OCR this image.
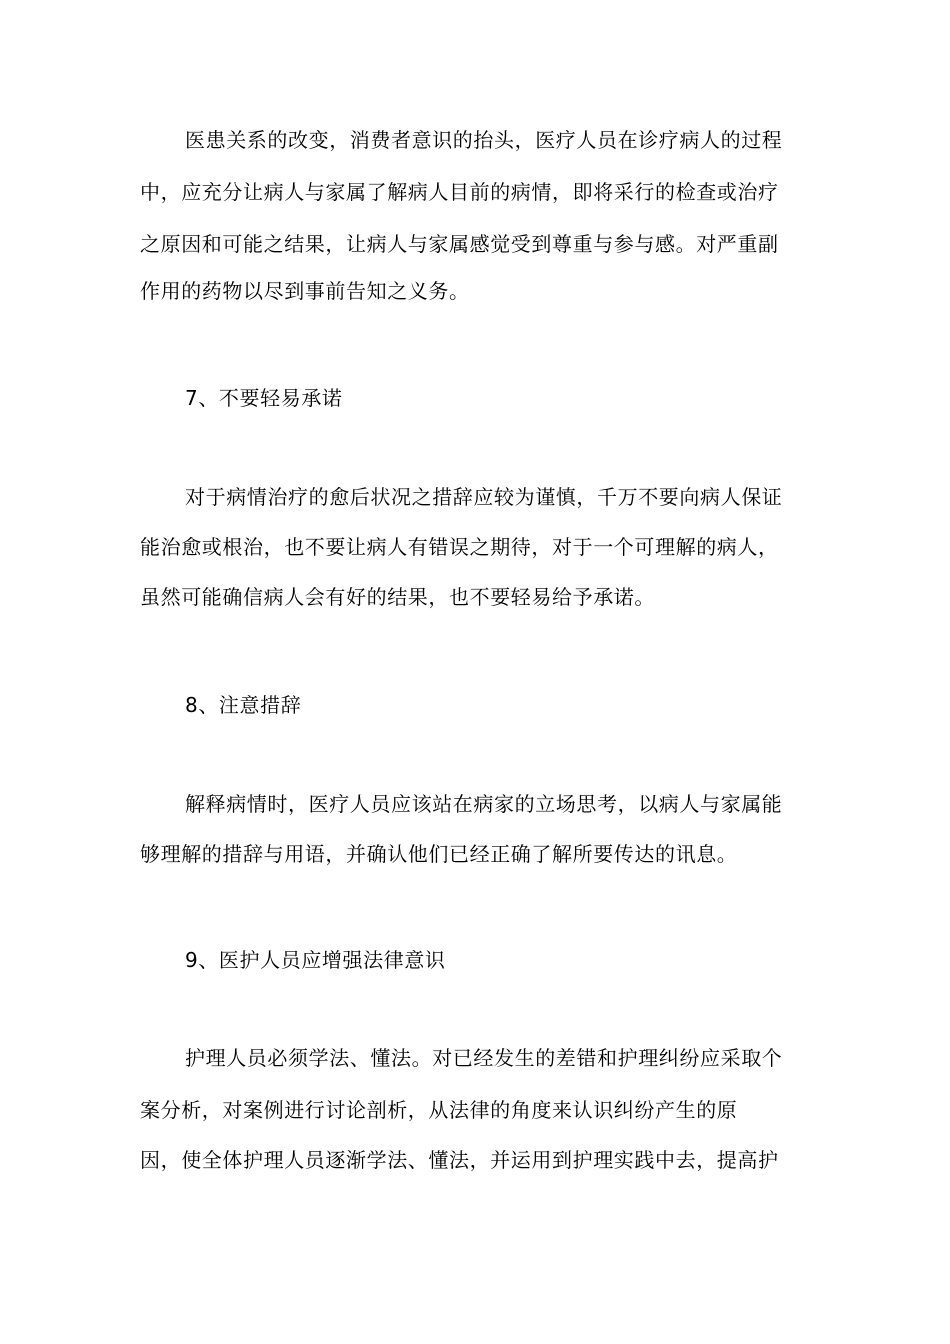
医患关系的改变，消费者意识的抬头，医疗人员在诊疗病人的过程
中，应充分让病人与家属了解病人目前的病情，即将采行的检查或治疗
之原因和可能之结果，让病人与家属感觉受到尊重与参与感。对严重副
作用的药物以尽到事前告知之义务。
7、不要轻易承诺
对于病情治疗的愈后状况之措辞应较为谨慎，千万不要向病人保证
能治愈或根治，也不要让病人有错误之期待，对于一个可理解的病人，
虽然可能确信病人会有好的结果，也不要轻易给予承诺。
8、注意措辞
解释病情时，医疗人员应该站在病家的立场思考，以病人与家属能
够理解的措辞与用语，并确认他们已经正确了解所要传达的讯息。
9、医护人员应增强法律意识
护理人员必须学法、懂法。对已经发生的差错和护理纠纷应采取个
案分析，对案例进行讨论剖析，从法律的角度来认识纠纷产生的原
因，使全体护理人员逐渐学法、懂法，并运用到护理实践中去，提高护
